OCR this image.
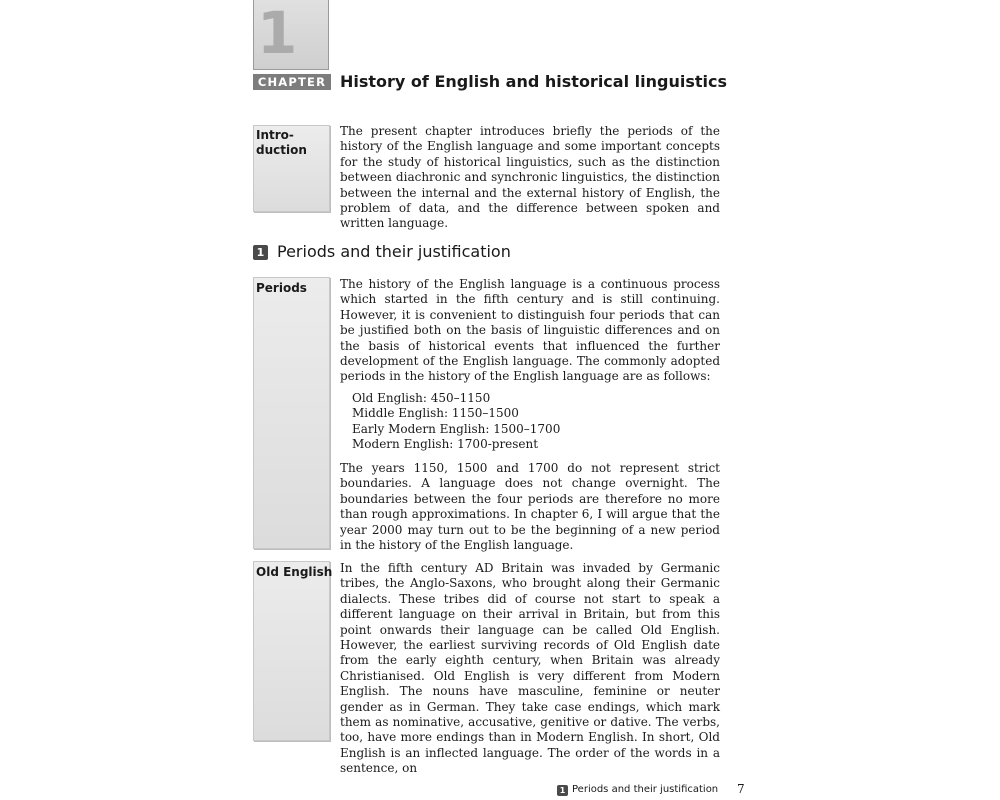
1
CHAPTER History of English and historical linguistics

Intro-
duction

The present chapter introduces briefly the periods of the history of the English language and some important concepts for the study of historical linguistics, such as the distinction between diachronic and synchronic linguistics, the distinction between the internal and the external history of English, the problem of data, and the difference between spoken and written language.

1 Periods and their justification

Periods	The history of the English language is a continuous process which started in the fifth century and is still continuing. However, it is convenient to distinguish four periods that can be justified both on the basis of linguistic differences and on the basis of historical events that influenced the further development of the English language. The commonly adopted periods in the history of the English language are as follows:

Old English: 450–1150
Middle English: 1150–1500
Early Modern English: 1500–1700
Modern English: 1700-present

The years 1150, 1500 and 1700 do not represent strict boundaries. A language does not change overnight. The boundaries between the four periods are therefore no more than rough approximations. In chapter 6, I will argue that the year 2000 may turn out to be the beginning of a new period in the history of the English language.

Old English In the fifth century AD Britain was invaded by Germanic tribes, the Anglo-Saxons, who brought along their Germanic dialects. These tribes did of course not start to speak a different language on their arrival in Britain, but from this point onwards their language can be called Old English. However, the earliest surviving records of Old English date from the early eighth century, when Britain was already Christianised. Old English is very different from Modern English. The nouns have masculine, feminine or neuter gender as in German. They take case endings, which mark them as nominative, accusative, genitive or dative. The verbs, too, have more endings than in Modern English. In short, Old English is an inflected language. The order of the words in a sentence, on

1 Periods and their justification 7
